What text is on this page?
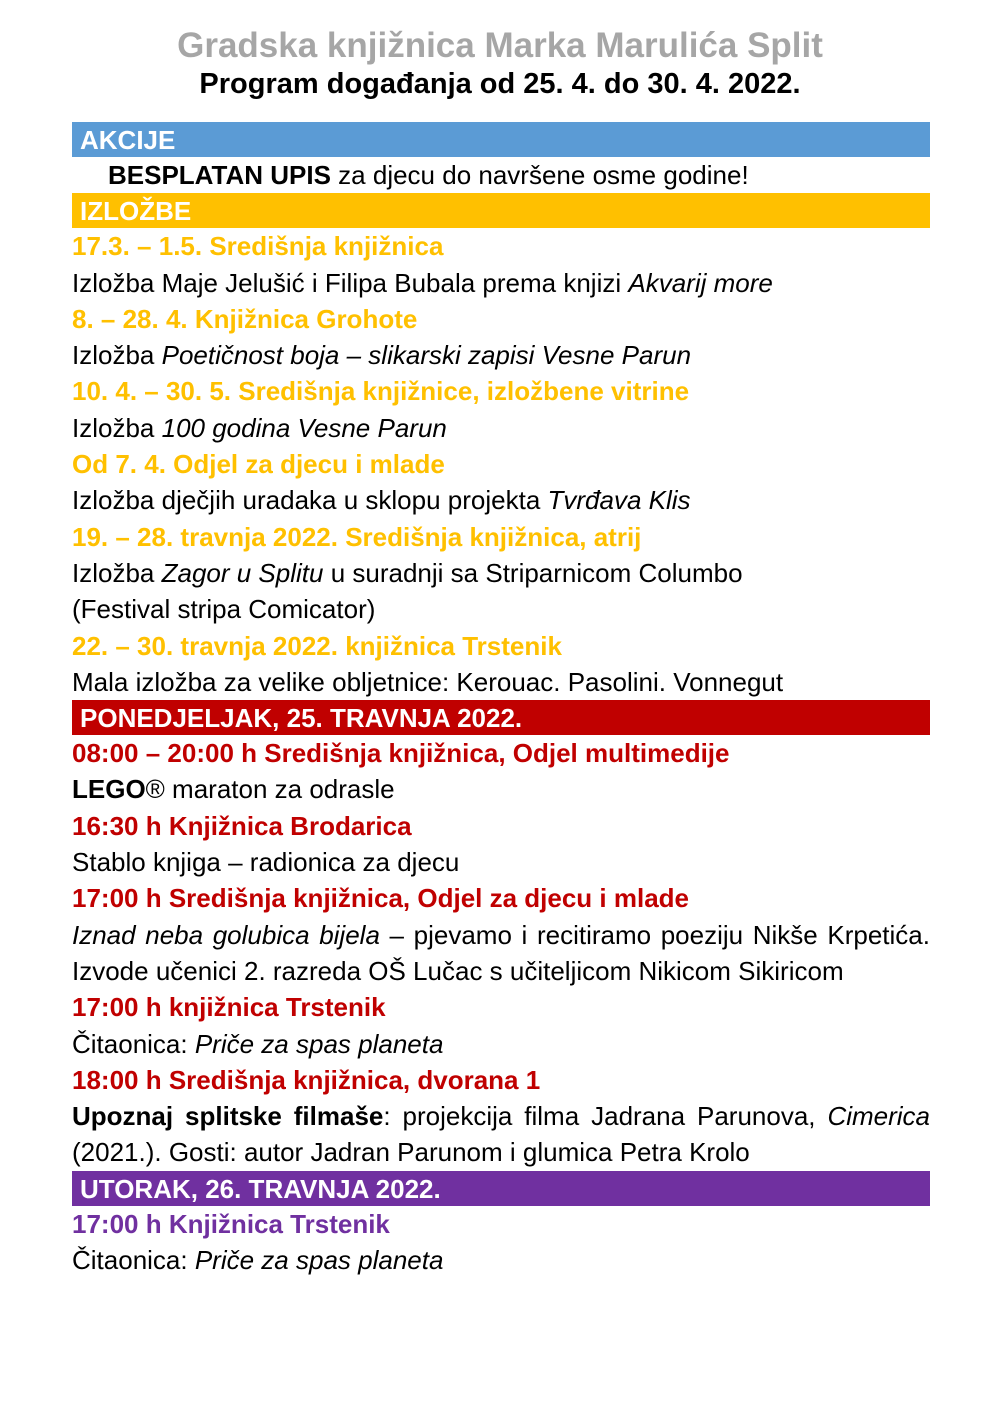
Gradska knjižnica Marka Marulića Split
Program događanja od 25. 4. do 30. 4. 2022.
AKCIJE
BESPLATAN UPIS za djecu do navršene osme godine!
IZLOŽBE
17.3. – 1.5. Središnja knjižnica
Izložba Maje Jelušić i Filipa Bubala prema knjizi Akvarij more
8. – 28. 4. Knjižnica Grohote
Izložba Poetičnost boja – slikarski zapisi Vesne Parun
10. 4. – 30. 5. Središnja knjižnice, izložbene vitrine
Izložba 100 godina Vesne Parun
Od 7. 4. Odjel za djecu i mlade
Izložba dječjih uradaka u sklopu projekta Tvrđava Klis
19. – 28. travnja 2022. Središnja knjižnica, atrij
Izložba Zagor u Splitu u suradnji sa Striparnicom Columbo
(Festival stripa Comicator)
22. – 30. travnja 2022. knjižnica Trstenik
Mala izložba za velike obljetnice: Kerouac. Pasolini. Vonnegut
PONEDJELJAK, 25. TRAVNJA 2022.
08:00 – 20:00 h Središnja knjižnica, Odjel multimedije
LEGO® maraton za odrasle
16:30 h Knjižnica Brodarica
Stablo knjiga – radionica za djecu
17:00 h Središnja knjižnica, Odjel za djecu i mlade
Iznad neba golubica bijela – pjevamo i recitiramo poeziju Nikše Krpetića. Izvode učenici 2. razreda OŠ Lučac s učiteljicom Nikicom Sikiricom
17:00 h knjižnica Trstenik
Čitaonica: Priče za spas planeta
18:00 h Središnja knjižnica, dvorana 1
Upoznaj splitske filmaše: projekcija filma Jadrana Parunova, Cimerica (2021.). Gosti: autor Jadran Parunom i glumica Petra Krolo
UTORAK, 26. TRAVNJA 2022.
17:00 h Knjižnica Trstenik
Čitaonica: Priče za spas planeta
